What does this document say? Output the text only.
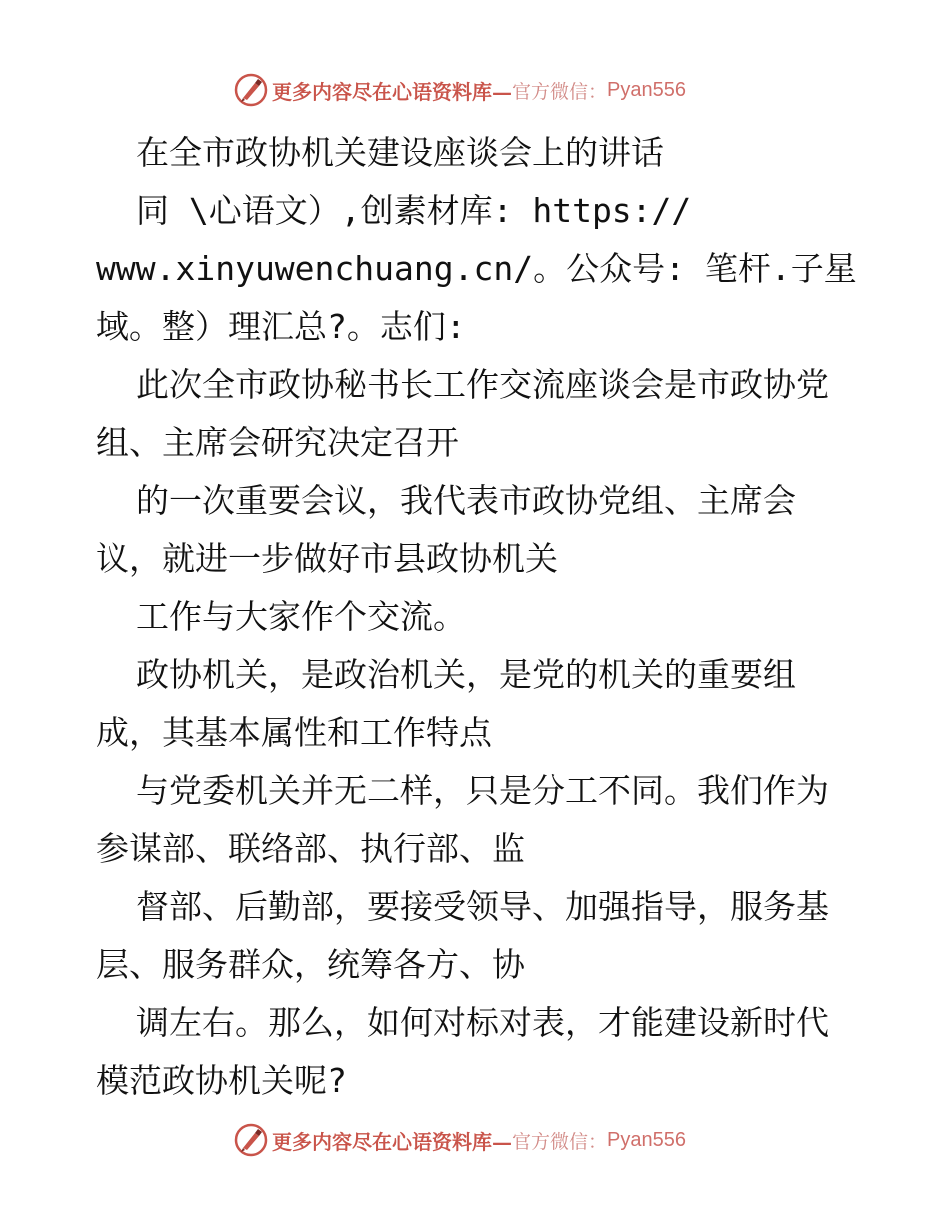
更多内容尽在心语资料库— 官方微信： Pyan556
在全市政协机关建设座谈会上的讲话
同 \心语文）,创素材库: https://
www.xinyuwenchuang.cn/。公众号: 笔杆.子星
域。整）理汇总?。志们:
此次全市政协秘书长工作交流座谈会是市政协党
组、主席会研究决定召开
的一次重要会议，我代表市政协党组、主席会
议，就进一步做好市县政协机关
工作与大家作个交流。
政协机关，是政治机关，是党的机关的重要组
成，其基本属性和工作特点
与党委机关并无二样，只是分工不同。我们作为
参谋部、联络部、执行部、监
督部、后勤部，要接受领导、加强指导，服务基
层、服务群众，统筹各方、协
调左右。那么，如何对标对表，才能建设新时代
模范政协机关呢?
更多内容尽在心语资料库— 官方微信： Pyan556
